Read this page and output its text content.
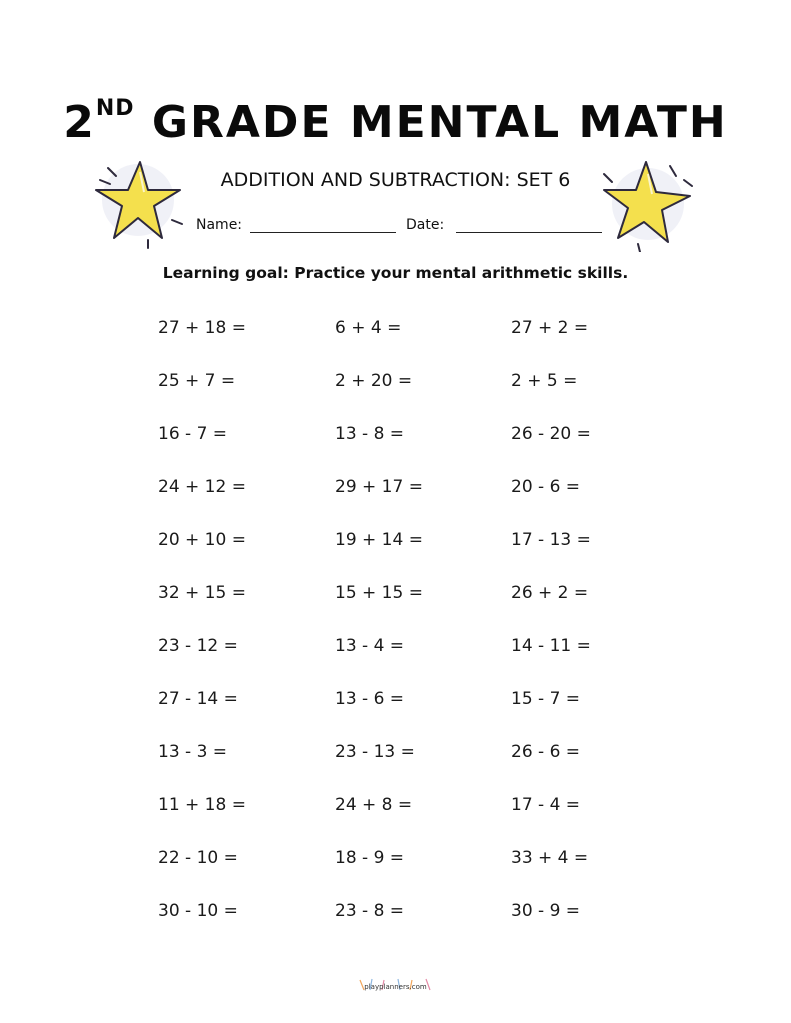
2ND GRADE MENTAL MATH
ADDITION AND SUBTRACTION: SET 6
Name:	Date:
Learning goal: Practice your mental arithmetic skills.
27 + 18 =	6 + 4 =	27 + 2 =
25 + 7 =	2 + 20 =	2 + 5 =
16 - 7 =	13 - 8 =	26 - 20 =
24 + 12 =	29 + 17 =	20 - 6 =
20 + 10 =	19 + 14 =	17 - 13 =
32 + 15 =	15 + 15 =	26 + 2 =
23 - 12 =	13 - 4 =	14 - 11 =
27 - 14 =	13 - 6 =	15 - 7 =
13 - 3 =	23 - 13 =	26 - 6 =
11 + 18 =	24 + 8 =	17 - 4 =
22 - 10 =	18 - 9 =	33 + 4 =
30 - 10 =	23 - 8 =	30 - 9 =
playplanners.com
